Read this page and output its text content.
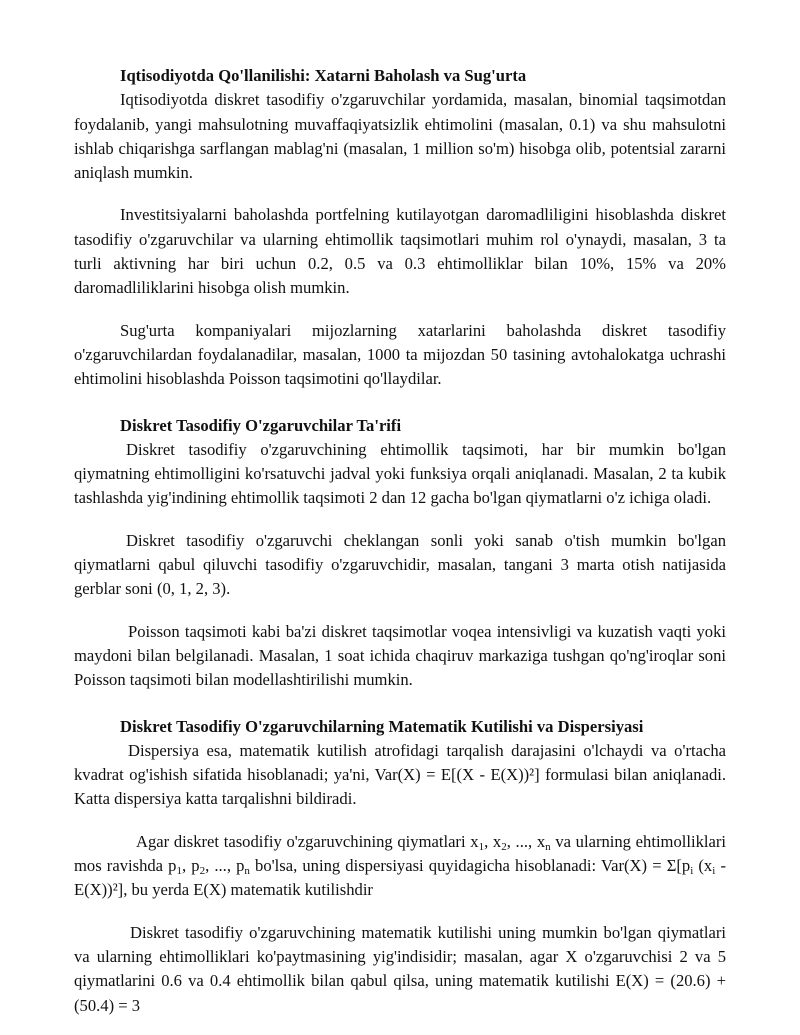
Iqtisodiyotda Qo'llanilishi: Xatarni Baholash va Sug'urta

Iqtisodiyotda diskret tasodifiy o'zgaruvchilar yordamida, masalan, binomial taqsimotdan foydalanib, yangi mahsulotning muvaffaqiyatsizlik ehtimolini (masalan, 0.1) va shu mahsulotni ishlab chiqarishga sarflangan mablag'ni (masalan, 1 million so'm) hisobga olib, potentsial zararni aniqlash mumkin.

Investitsiyalarni baholashda portfelning kutilayotgan daromadliligini hisoblashda diskret tasodifiy o'zgaruvchilar va ularning ehtimollik taqsimotlari muhim rol o'ynaydi, masalan, 3 ta turli aktivning har biri uchun 0.2, 0.5 va 0.3 ehtimolliklar bilan 10%, 15% va 20% daromadliliklarini hisobga olish mumkin.

Sug'urta kompaniyalari mijozlarning xatarlarini baholashda diskret tasodifiy o'zgaruvchilardan foydalanadilar, masalan, 1000 ta mijozdan 50 tasining avtohalokatga uchrashi ehtimolini hisoblashda Poisson taqsimotini qo'llaydilar.

Diskret Tasodifiy O'zgaruvchilar Ta'rifi

Diskret tasodifiy o'zgaruvchining ehtimollik taqsimoti, har bir mumkin bo'lgan qiymatning ehtimolligini ko'rsatuvchi jadval yoki funksiya orqali aniqlanadi. Masalan, 2 ta kubik tashlashda yig'indining ehtimollik taqsimoti 2 dan 12 gacha bo'lgan qiymatlarni o'z ichiga oladi.

Diskret tasodifiy o'zgaruvchi cheklangan sonli yoki sanab o'tish mumkin bo'lgan qiymatlarni qabul qiluvchi tasodifiy o'zgaruvchidir, masalan, tangani 3 marta otish natijasida gerblar soni (0, 1, 2, 3).

Poisson taqsimoti kabi ba'zi diskret taqsimotlar voqea intensivligi va kuzatish vaqti yoki maydoni bilan belgilanadi. Masalan, 1 soat ichida chaqiruv markaziga tushgan qo'ng'iroqlar soni Poisson taqsimoti bilan modellashtirilishi mumkin.

Diskret Tasodifiy O'zgaruvchilarning Matematik Kutilishi va Dispersiyasi

Dispersiya esa, matematik kutilish atrofidagi tarqalish darajasini o'lchaydi va o'rtacha kvadrat og'ishish sifatida hisoblanadi; ya'ni, Var(X) = E[(X - E(X))²] formulasi bilan aniqlanadi. Katta dispersiya katta tarqalishni bildiradi.

Agar diskret tasodifiy o'zgaruvchining qiymatlari $x_1$, $x_2$, ..., $x_n$ va ularning ehtimolliklari mos ravishda $p_1$, $p_2$, ..., $p_n$ bo'lsa, uning dispersiyasi quyidagicha hisoblanadi: $Var(X) = \Sigma[p_i$ $(x_i - E(X))^2$], bu yerda E(X) matematik kutilishdir

Diskret tasodifiy o'zgaruvchining matematik kutilishi uning mumkin bo'lgan qiymatlari va ularning ehtimolliklari ko'paytmasining yig'indisidir; masalan, agar X o'zgaruvchisi 2 va 5 qiymatlarini 0.6 va 0.4 ehtimollik bilan qabul qilsa, uning matematik kutilishi E(X) = (20.6) + (50.4) = 3
